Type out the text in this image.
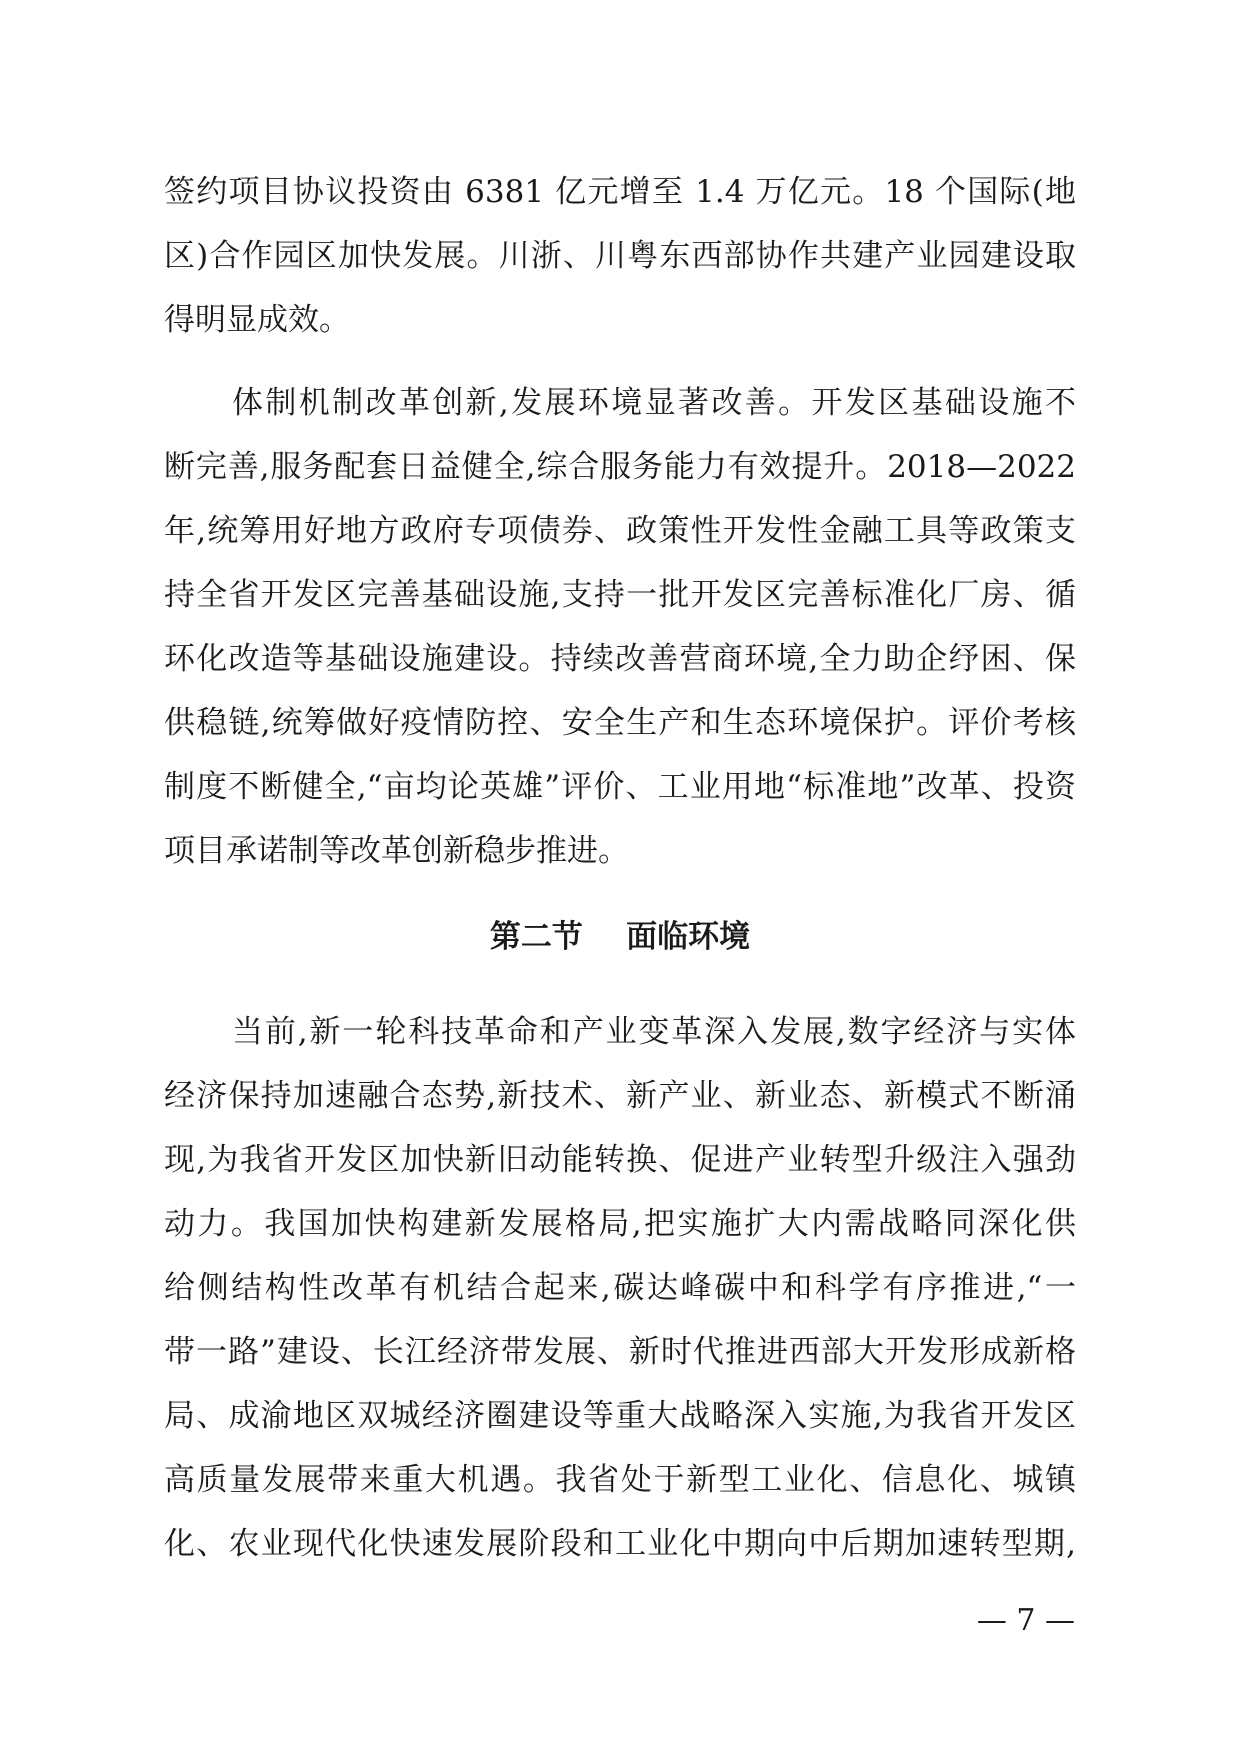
签约项目协议投资由 6381 亿元增至 1.4 万亿元。18 个国际(地
区)合作园区加快发展。川浙、川粤东西部协作共建产业园建设取
得明显成效。
体制机制改革创新,发展环境显著改善。开发区基础设施不
断完善,服务配套日益健全,综合服务能力有效提升。2018—2022
年,统筹用好地方政府专项债券、政策性开发性金融工具等政策支
持全省开发区完善基础设施,支持一批开发区完善标准化厂房、循
环化改造等基础设施建设。持续改善营商环境,全力助企纾困、保
供稳链,统筹做好疫情防控、安全生产和生态环境保护。评价考核
制度不断健全,“亩均论英雄”评价、工业用地“标准地”改革、投资
项目承诺制等改革创新稳步推进。
第二节    面临环境
当前,新一轮科技革命和产业变革深入发展,数字经济与实体
经济保持加速融合态势,新技术、新产业、新业态、新模式不断涌
现,为我省开发区加快新旧动能转换、促进产业转型升级注入强劲
动力。我国加快构建新发展格局,把实施扩大内需战略同深化供
给侧结构性改革有机结合起来,碳达峰碳中和科学有序推进,“一
带一路”建设、长江经济带发展、新时代推进西部大开发形成新格
局、成渝地区双城经济圈建设等重大战略深入实施,为我省开发区
高质量发展带来重大机遇。我省处于新型工业化、信息化、城镇
化、农业现代化快速发展阶段和工业化中期向中后期加速转型期,
— 7 —
